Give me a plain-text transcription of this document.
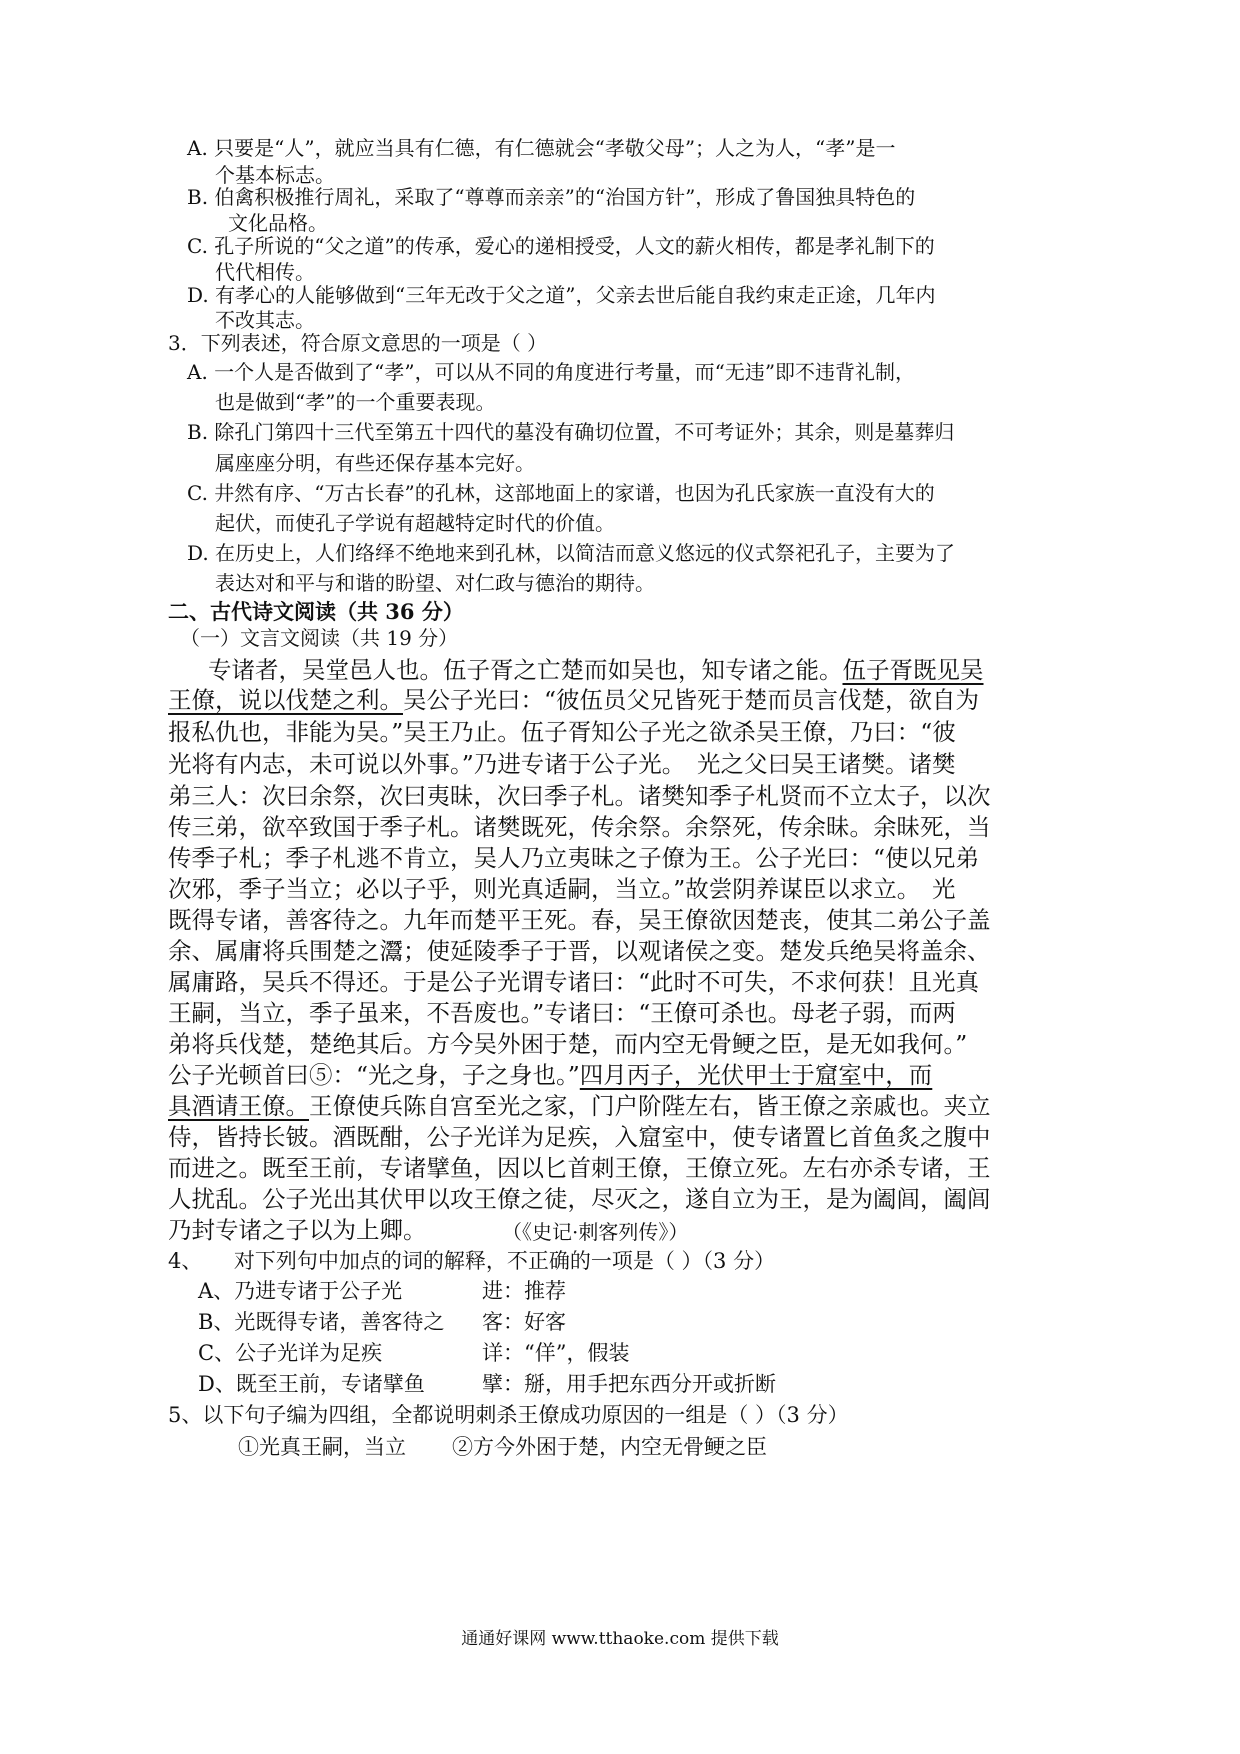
A. 只要是“人”，就应当具有仁德，有仁德就会“孝敬父母”；人之为人，“孝”是一
个基本标志。
B. 伯禽积极推行周礼，采取了“尊尊而亲亲”的“治国方针”，形成了鲁国独具特色的
文化品格。
C. 孔子所说的“父之道”的传承，爱心的递相授受，人文的薪火相传，都是孝礼制下的
代代相传。
D. 有孝心的人能够做到“三年无改于父之道”，父亲去世后能自我约束走正途，几年内
不改其志。
3．下列表述，符合原文意思的一项是（ ）
A. 一个人是否做到了“孝”，可以从不同的角度进行考量，而“无违”即不违背礼制，
也是做到“孝”的一个重要表现。
B. 除孔门第四十三代至第五十四代的墓没有确切位置，不可考证外；其余，则是墓葬归
属座座分明，有些还保存基本完好。
C. 井然有序、“万古长春”的孔林，这部地面上的家谱，也因为孔氏家族一直没有大的
起伏，而使孔子学说有超越特定时代的价值。
D. 在历史上，人们络绎不绝地来到孔林，以简洁而意义悠远的仪式祭祀孔子，主要为了
表达对和平与和谐的盼望、对仁政与德治的期待。
二、古代诗文阅读（共 36 分）
（一）文言文阅读（共 19 分）
专诸者，吴堂邑人也。伍子胥之亡楚而如吴也，知专诸之能。伍子胥既见吴
王僚，说以伐楚之利。吴公子光曰：“彼伍员父兄皆死于楚而员言伐楚，欲自为
报私仇也，非能为吴。”吴王乃止。伍子胥知公子光之欲杀吴王僚，乃曰：“彼
光将有内志，未可说以外事。”乃进专诸于公子光。　光之父曰吴王诸樊。诸樊
弟三人：次曰余祭，次曰夷昧，次曰季子札。诸樊知季子札贤而不立太子，以次
传三弟，欲卒致国于季子札。诸樊既死，传余祭。余祭死，传余昧。余昧死，当
传季子札；季子札逃不肯立，吴人乃立夷昧之子僚为王。公子光曰：“使以兄弟
次邪，季子当立；必以子乎，则光真适嗣，当立。”故尝阴养谋臣以求立。　光
既得专诸，善客待之。九年而楚平王死。春，吴王僚欲因楚丧，使其二弟公子盖
余、属庸将兵围楚之灊；使延陵季子于晋，以观诸侯之变。楚发兵绝吴将盖余、
属庸路，吴兵不得还。于是公子光谓专诸曰：“此时不可失，不求何获！且光真
王嗣，当立，季子虽来，不吾废也。”专诸曰：“王僚可杀也。母老子弱，而两
弟将兵伐楚，楚绝其后。方今吴外困于楚，而内空无骨鲠之臣，是无如我何。”
公子光顿首曰⑤：“光之身，子之身也。”四月丙子，光伏甲士于窟室中，而
具酒请王僚。王僚使兵陈自宫至光之家，门户阶陛左右，皆王僚之亲戚也。夹立
侍，皆持长铍。酒既酣，公子光详为足疾，入窟室中，使专诸置匕首鱼炙之腹中
而进之。既至王前，专诸擘鱼，因以匕首刺王僚，王僚立死。左右亦杀专诸，王
人扰乱。公子光出其伏甲以攻王僚之徒，尽灭之，遂自立为王，是为阖闾，阖闾
乃封专诸之子以为上卿。	（《史记·刺客列传》）
4、　　对下列句中加点的词的解释，不正确的一项是（ ）（3 分）
A、乃进专诸于公子光	进：推荐
B、光既得专诸，善客待之 客：好客
C、公子光详为足疾	详：“佯”，假装
D、既至王前，专诸擘鱼	擘：掰，用手把东西分开或折断
5、以下句子编为四组，全都说明刺杀王僚成功原因的一组是（ ）（3 分）
①光真王嗣，当立 ②方今外困于楚，内空无骨鲠之臣
通通好课网 www.tthaoke.com 提供下载
